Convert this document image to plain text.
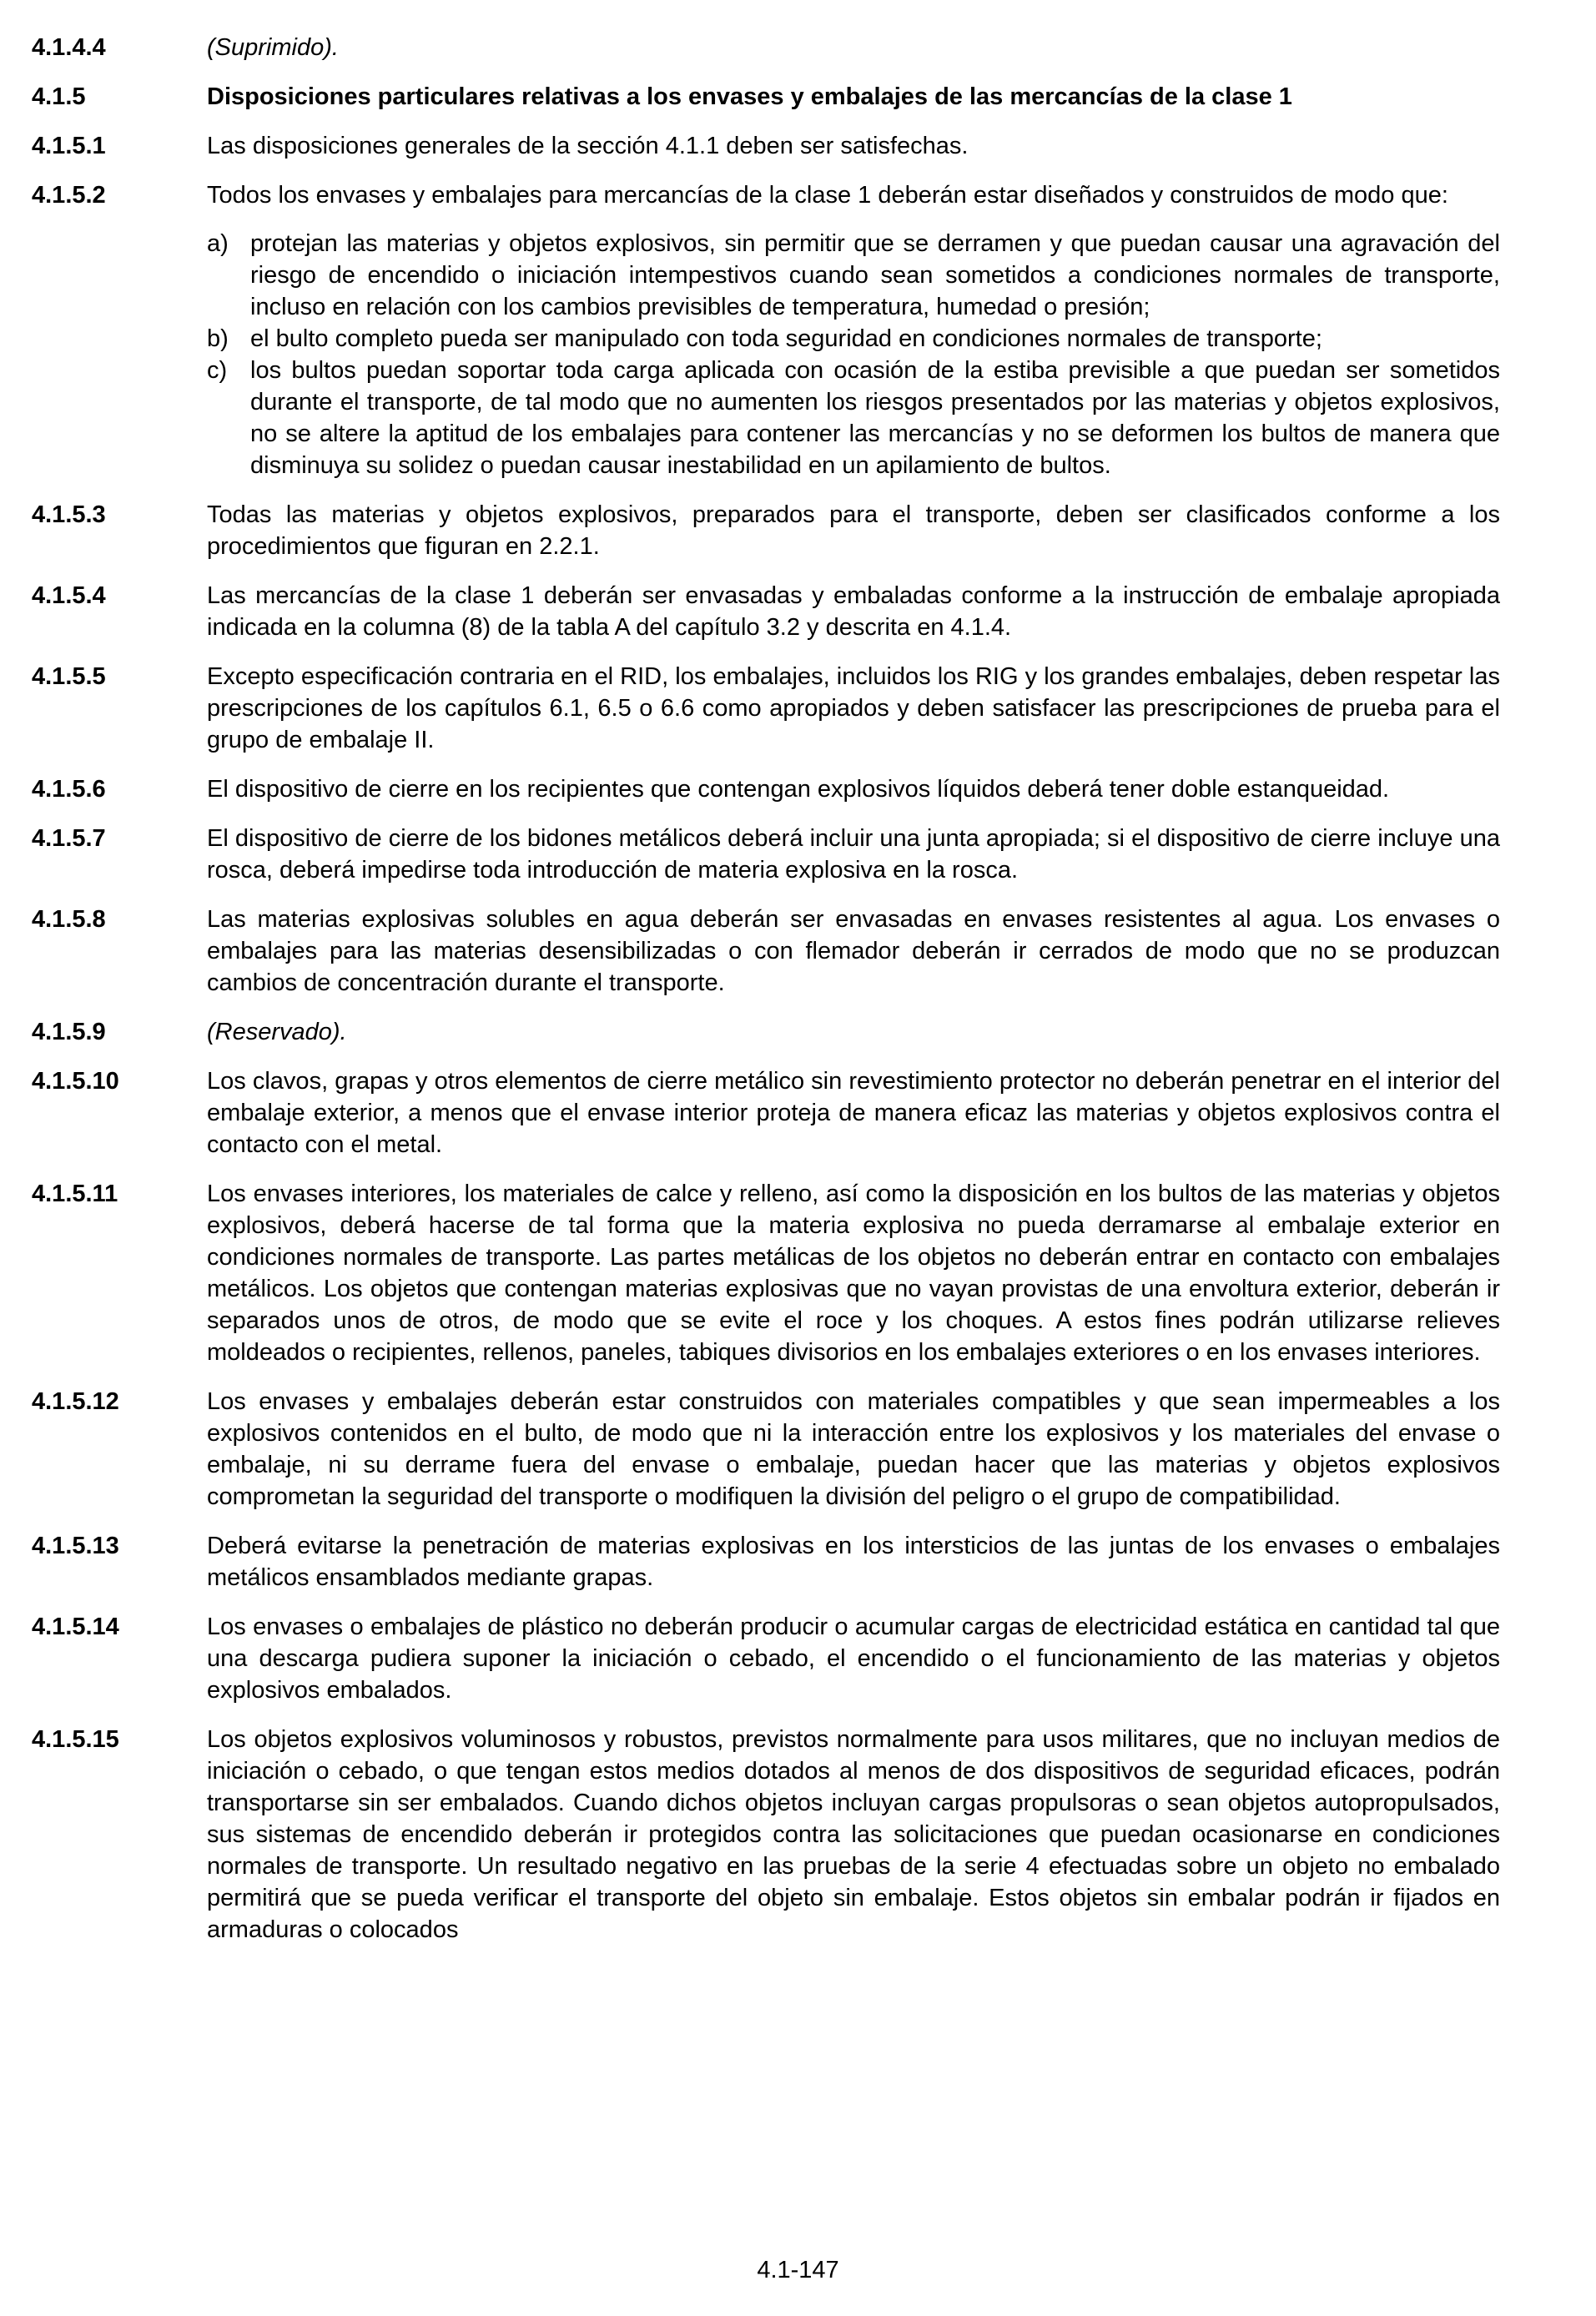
4.1.4.4	(Suprimido).
4.1.5	Disposiciones particulares relativas a los envases y embalajes de las mercancías de la clase 1
4.1.5.1	Las disposiciones generales de la sección 4.1.1 deben ser satisfechas.
4.1.5.2	Todos los envases y embalajes para mercancías de la clase 1 deberán estar diseñados y construidos de modo que:
a) protejan las materias y objetos explosivos, sin permitir que se derramen y que puedan causar una agravación del riesgo de encendido o iniciación intempestivos cuando sean sometidos a condiciones normales de transporte, incluso en relación con los cambios previsibles de temperatura, humedad o presión;
b) el bulto completo pueda ser manipulado con toda seguridad en condiciones normales de transporte;
c) los bultos puedan soportar toda carga aplicada con ocasión de la estiba previsible a que puedan ser sometidos durante el transporte, de tal modo que no aumenten los riesgos presentados por las materias y objetos explosivos, no se altere la aptitud de los embalajes para contener las mercancías y no se deformen los bultos de manera que disminuya su solidez o puedan causar inestabilidad en un apilamiento de bultos.
4.1.5.3	Todas las materias y objetos explosivos, preparados para el transporte, deben ser clasificados conforme a los procedimientos que figuran en 2.2.1.
4.1.5.4	Las mercancías de la clase 1 deberán ser envasadas y embaladas conforme a la instrucción de embalaje apropiada indicada en la columna (8) de la tabla A del capítulo 3.2 y descrita en 4.1.4.
4.1.5.5	Excepto especificación contraria en el RID, los embalajes, incluidos los RIG y los grandes embalajes, deben respetar las prescripciones de los capítulos 6.1, 6.5 o 6.6 como apropiados y deben satisfacer las prescripciones de prueba para el grupo de embalaje II.
4.1.5.6	El dispositivo de cierre en los recipientes que contengan explosivos líquidos deberá tener doble estanqueidad.
4.1.5.7	El dispositivo de cierre de los bidones metálicos deberá incluir una junta apropiada; si el dispositivo de cierre incluye una rosca, deberá impedirse toda introducción de materia explosiva en la rosca.
4.1.5.8	Las materias explosivas solubles en agua deberán ser envasadas en envases resistentes al agua. Los envases o embalajes para las materias desensibilizadas o con flemador deberán ir cerrados de modo que no se produzcan cambios de concentración durante el transporte.
4.1.5.9	(Reservado).
4.1.5.10	Los clavos, grapas y otros elementos de cierre metálico sin revestimiento protector no deberán penetrar en el interior del embalaje exterior, a menos que el envase interior proteja de manera eficaz las materias y objetos explosivos contra el contacto con el metal.
4.1.5.11	Los envases interiores, los materiales de calce y relleno, así como la disposición en los bultos de las materias y objetos explosivos, deberá hacerse de tal forma que la materia explosiva no pueda derramarse al embalaje exterior en condiciones normales de transporte. Las partes metálicas de los objetos no deberán entrar en contacto con embalajes metálicos. Los objetos que contengan materias explosivas que no vayan provistas de una envoltura exterior, deberán ir separados unos de otros, de modo que se evite el roce y los choques. A estos fines podrán utilizarse relieves moldeados o recipientes, rellenos, paneles, tabiques divisorios en los embalajes exteriores o en los envases interiores.
4.1.5.12	Los envases y embalajes deberán estar construidos con materiales compatibles y que sean impermeables a los explosivos contenidos en el bulto, de modo que ni la interacción entre los explosivos y los materiales del envase o embalaje, ni su derrame fuera del envase o embalaje, puedan hacer que las materias y objetos explosivos comprometan la seguridad del transporte o modifiquen la división del peligro o el grupo de compatibilidad.
4.1.5.13	Deberá evitarse la penetración de materias explosivas en los intersticios de las juntas de los envases o embalajes metálicos ensamblados mediante grapas.
4.1.5.14	Los envases o embalajes de plástico no deberán producir o acumular cargas de electricidad estática en cantidad tal que una descarga pudiera suponer la iniciación o cebado, el encendido o el funcionamiento de las materias y objetos explosivos embalados.
4.1.5.15	Los objetos explosivos voluminosos y robustos, previstos normalmente para usos militares, que no incluyan medios de iniciación o cebado, o que tengan estos medios dotados al menos de dos dispositivos de seguridad eficaces, podrán transportarse sin ser embalados. Cuando dichos objetos incluyan cargas propulsoras o sean objetos autopropulsados, sus sistemas de encendido deberán ir protegidos contra las solicitaciones que puedan ocasionarse en condiciones normales de transporte. Un resultado negativo en las pruebas de la serie 4 efectuadas sobre un objeto no embalado permitirá que se pueda verificar el transporte del objeto sin embalaje. Estos objetos sin embalar podrán ir fijados en armaduras o colocados
4.1-147
